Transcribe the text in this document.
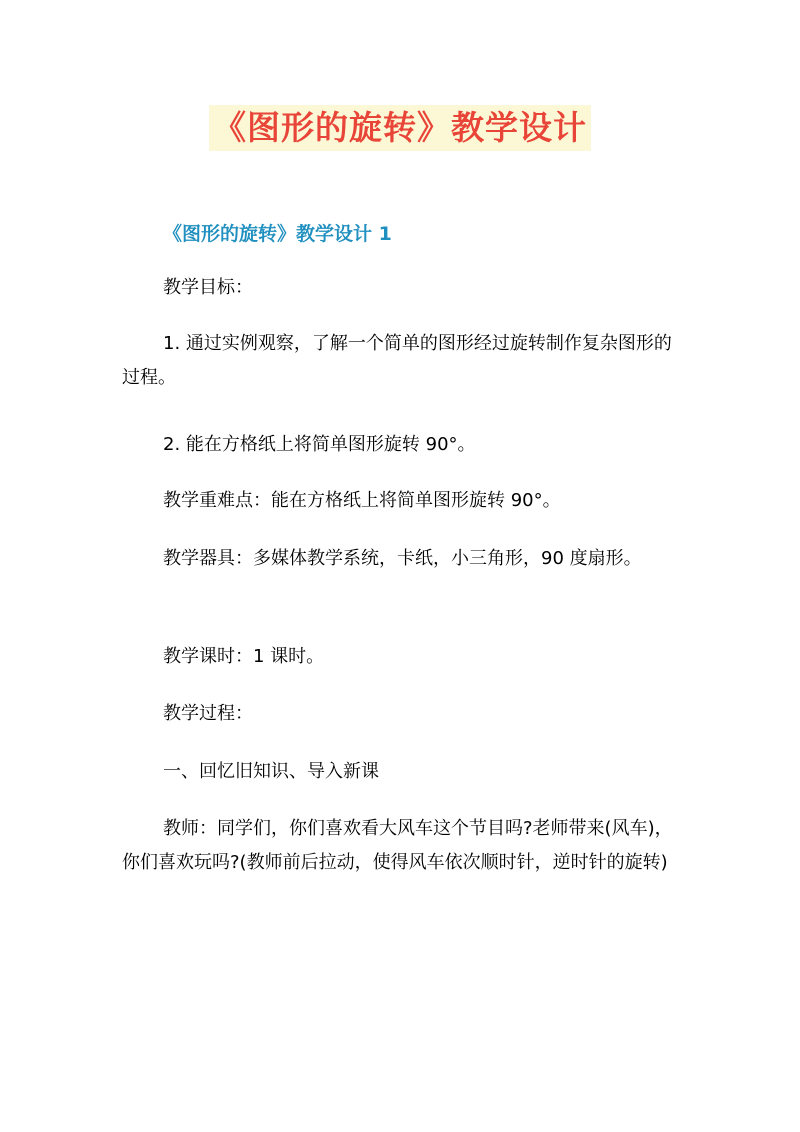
《图形的旋转》教学设计
《图形的旋转》教学设计 1
教学目标：
1. 通过实例观察，了解一个简单的图形经过旋转制作复杂图形的过程。
2. 能在方格纸上将简单图形旋转 90°。
教学重难点：能在方格纸上将简单图形旋转 90°。
教学器具：多媒体教学系统，卡纸，小三角形，90 度扇形。
教学课时：1 课时。
教学过程：
一、回忆旧知识、导入新课
教师：同学们，你们喜欢看大风车这个节目吗?老师带来(风车)，你们喜欢玩吗?(教师前后拉动，使得风车依次顺时针，逆时针的旋转)
